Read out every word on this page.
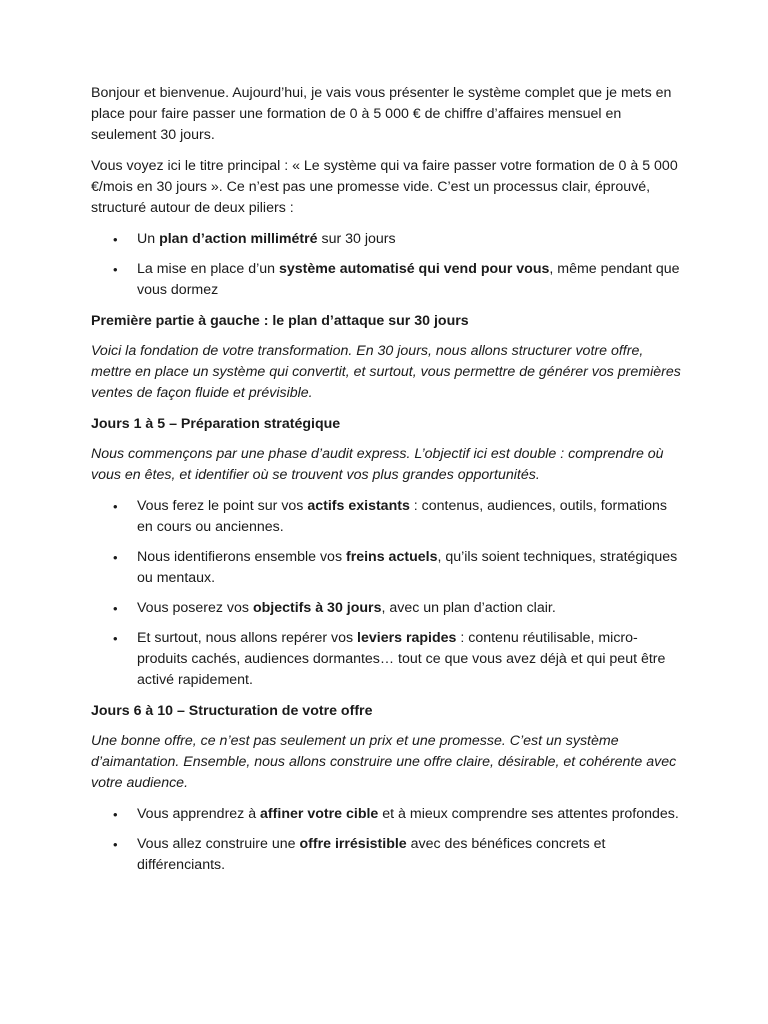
Bonjour et bienvenue. Aujourd’hui, je vais vous présenter le système complet que je mets en place pour faire passer une formation de 0 à 5 000 € de chiffre d’affaires mensuel en seulement 30 jours.

Vous voyez ici le titre principal : « Le système qui va faire passer votre formation de 0 à 5 000 €/mois en 30 jours ». Ce n’est pas une promesse vide. C’est un processus clair, éprouvé, structuré autour de deux piliers :

• Un plan d’action millimétré sur 30 jours
• La mise en place d’un système automatisé qui vend pour vous, même pendant que vous dormez

Première partie à gauche : le plan d’attaque sur 30 jours

Voici la fondation de votre transformation. En 30 jours, nous allons structurer votre offre, mettre en place un système qui convertit, et surtout, vous permettre de générer vos premières ventes de façon fluide et prévisible.

Jours 1 à 5 – Préparation stratégique

Nous commençons par une phase d’audit express. L’objectif ici est double : comprendre où vous en êtes, et identifier où se trouvent vos plus grandes opportunités.

• Vous ferez le point sur vos actifs existants : contenus, audiences, outils, formations en cours ou anciennes.
• Nous identifierons ensemble vos freins actuels, qu’ils soient techniques, stratégiques ou mentaux.
• Vous poserez vos objectifs à 30 jours, avec un plan d’action clair.
• Et surtout, nous allons repérer vos leviers rapides : contenu réutilisable, micro-produits cachés, audiences dormantes… tout ce que vous avez déjà et qui peut être activé rapidement.

Jours 6 à 10 – Structuration de votre offre

Une bonne offre, ce n’est pas seulement un prix et une promesse. C’est un système d’aimantation. Ensemble, nous allons construire une offre claire, désirable, et cohérente avec votre audience.

• Vous apprendrez à affiner votre cible et à mieux comprendre ses attentes profondes.
• Vous allez construire une offre irrésistible avec des bénéfices concrets et différenciants.
